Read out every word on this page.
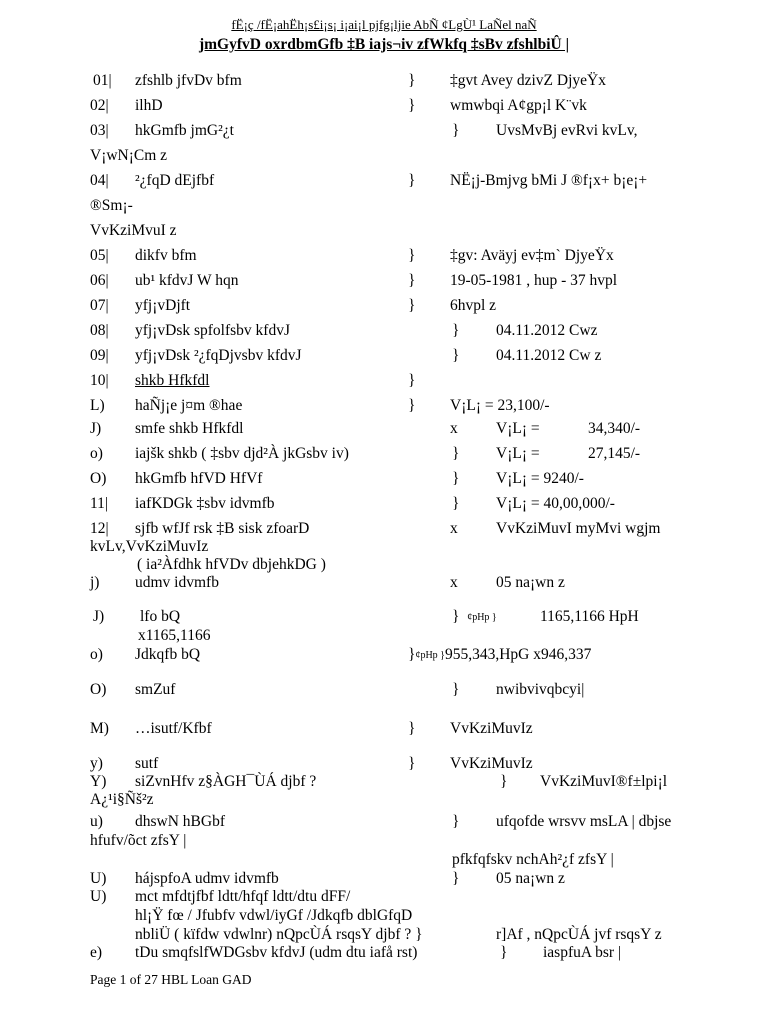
fË¡ç /fË¡ahËh¡s£i¡s¡ i¡ai¡l pjfg¡ljie AbÑ ¢LgÙ¹ LaÑel naÑ
jmGyfvD oxrdbmGfb ‡B iajs¬iv zfWkfq ‡sBv zfshlbiÛ |
01| zfshlb jfvDv bfm	} ‡gvt Avey dzivZ DjyeŸx
02| ilhD	} wmwbqi A¢gp¡l K¨vk
03| hkGmfb jmG²¿t	} UvsMvBj evRvi kvLv,
V¡wN¡Cm z
04| ²¿fqD dEjfbf	} NË¡j-Bmjvg bMi J ®f¡x+ b¡e¡+
®Sm¡-
VvKziMvuI z
05| dikfv bfm	} ‡gv: Aväyj ev‡m` DjyeŸx
06| ub¹ kfdvJ W hqn	} 19-05-1981 , hup - 37 hvpl
07| yfj¡vDjft	} 6hvpl z
08| yfj¡vDsk spfolfsbv kfdvJ	} 04.11.2012 Cwz
09| yfj¡vDsk ²¿fqDjvsbv kfdvJ	} 04.11.2012 Cw z
10| shkb Hfkfdl	}
L) haÑj¡e j¤m ®hae	} V¡L¡ = 23,100/-
J) smfe shkb Hfkfdl	x V¡L¡ =	34,340/-
o) iajšk shkb ( ‡sbv djd²À jkGsbv iv)	} V¡L¡ =	27,145/-
O) hkGmfb hfVD HfVf	} V¡L¡ = 9240/-
11| iafKDGk ‡sbv idvmfb	} V¡L¡ = 40,00,000/-
12| sjfb wfJf rsk ‡B sisk zfoarD	x VvKziMuvI myMvi wgjm
kvLv,VvKziMuvIz
( ia²Àfdhk hfVDv dbjehkDG )
j) udmv idvmfb	x 05 na¡wn z
J) lfo bQ	} ¢pHp }	1165,1166 HpH
x1165,1166
o) Jdkqfb bQ	}¢pHp }955,343,HpG x946,337
O) smZuf	} nwibvivqbcyi|
M) …isutf/Kfbf	} VvKziMuvIz
y) sutf	} VvKziMuvIz
Y) siZvnHfv z§ÀGH¯ÙÁ djbf ?	} VvKziMuvI®f±lpi¡l
A¿¹i§Ñš²z
u) dhswN hBGbf	} ufqofde wrsvv msLA | dbjse
hfufv/õct zfsY |
pfkfqfskv nchAh²¿f zfsY |
U) hájspfoA udmv idvmfb	} 05 na¡wn z
U) mct mfdtjfbf ldtt/hfqf ldtt/dtu dFF/
hl¡Ÿ fœ / Jfubfv vdwl/iyGf /Jdkqfb dblGfqD
nbliÜ ( kïfdw vdwlnr) nQpcÙÁ rsqsY djbf ? }	r]Af , nQpcÙÁ jvf rsqsY z
e) tDu smqfslfWDGsbv kfdvJ (udm dtu iafå rst)	} iaspfuA bsr |
Page 1 of 27 HBL Loan GAD
